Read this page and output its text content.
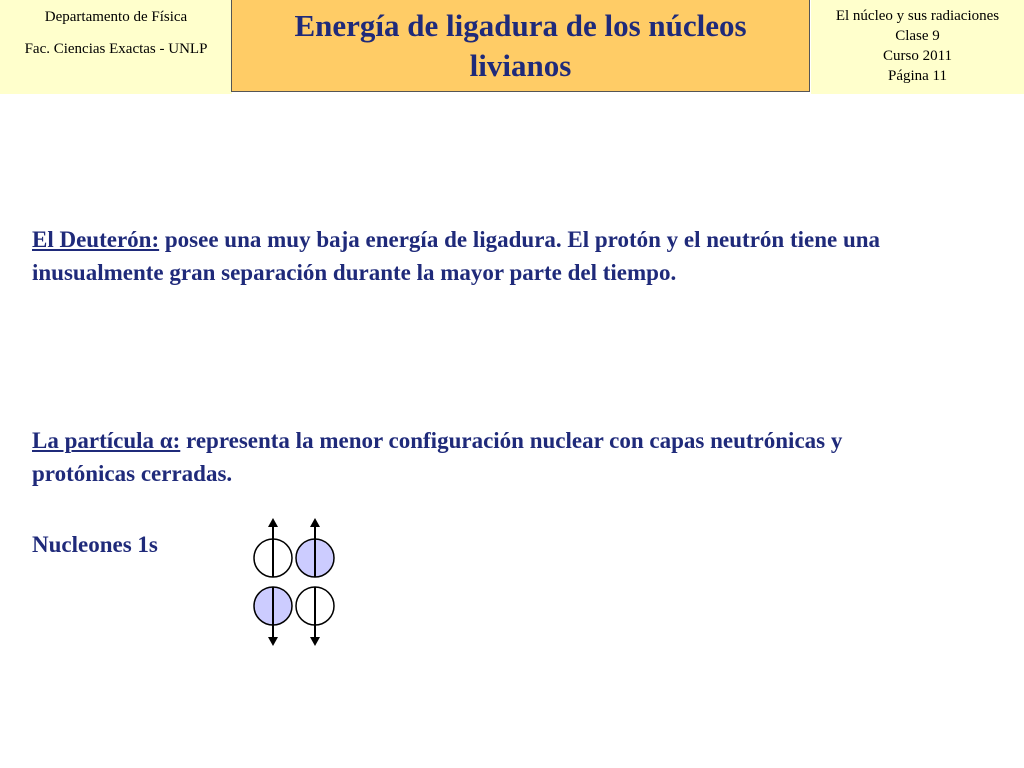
Departamento de Física
Fac. Ciencias Exactas - UNLP
Energía de ligadura de los núcleos livianos
El núcleo y sus radiaciones
Clase 9
Curso 2011
Página 11
El Deuterón: posee una muy baja energía de ligadura. El protón y el neutrón tiene una inusualmente gran separación durante la mayor parte del tiempo.
La partícula α: representa la menor configuración nuclear con capas neutrónicas y protónicas cerradas.
Nucleones 1s
